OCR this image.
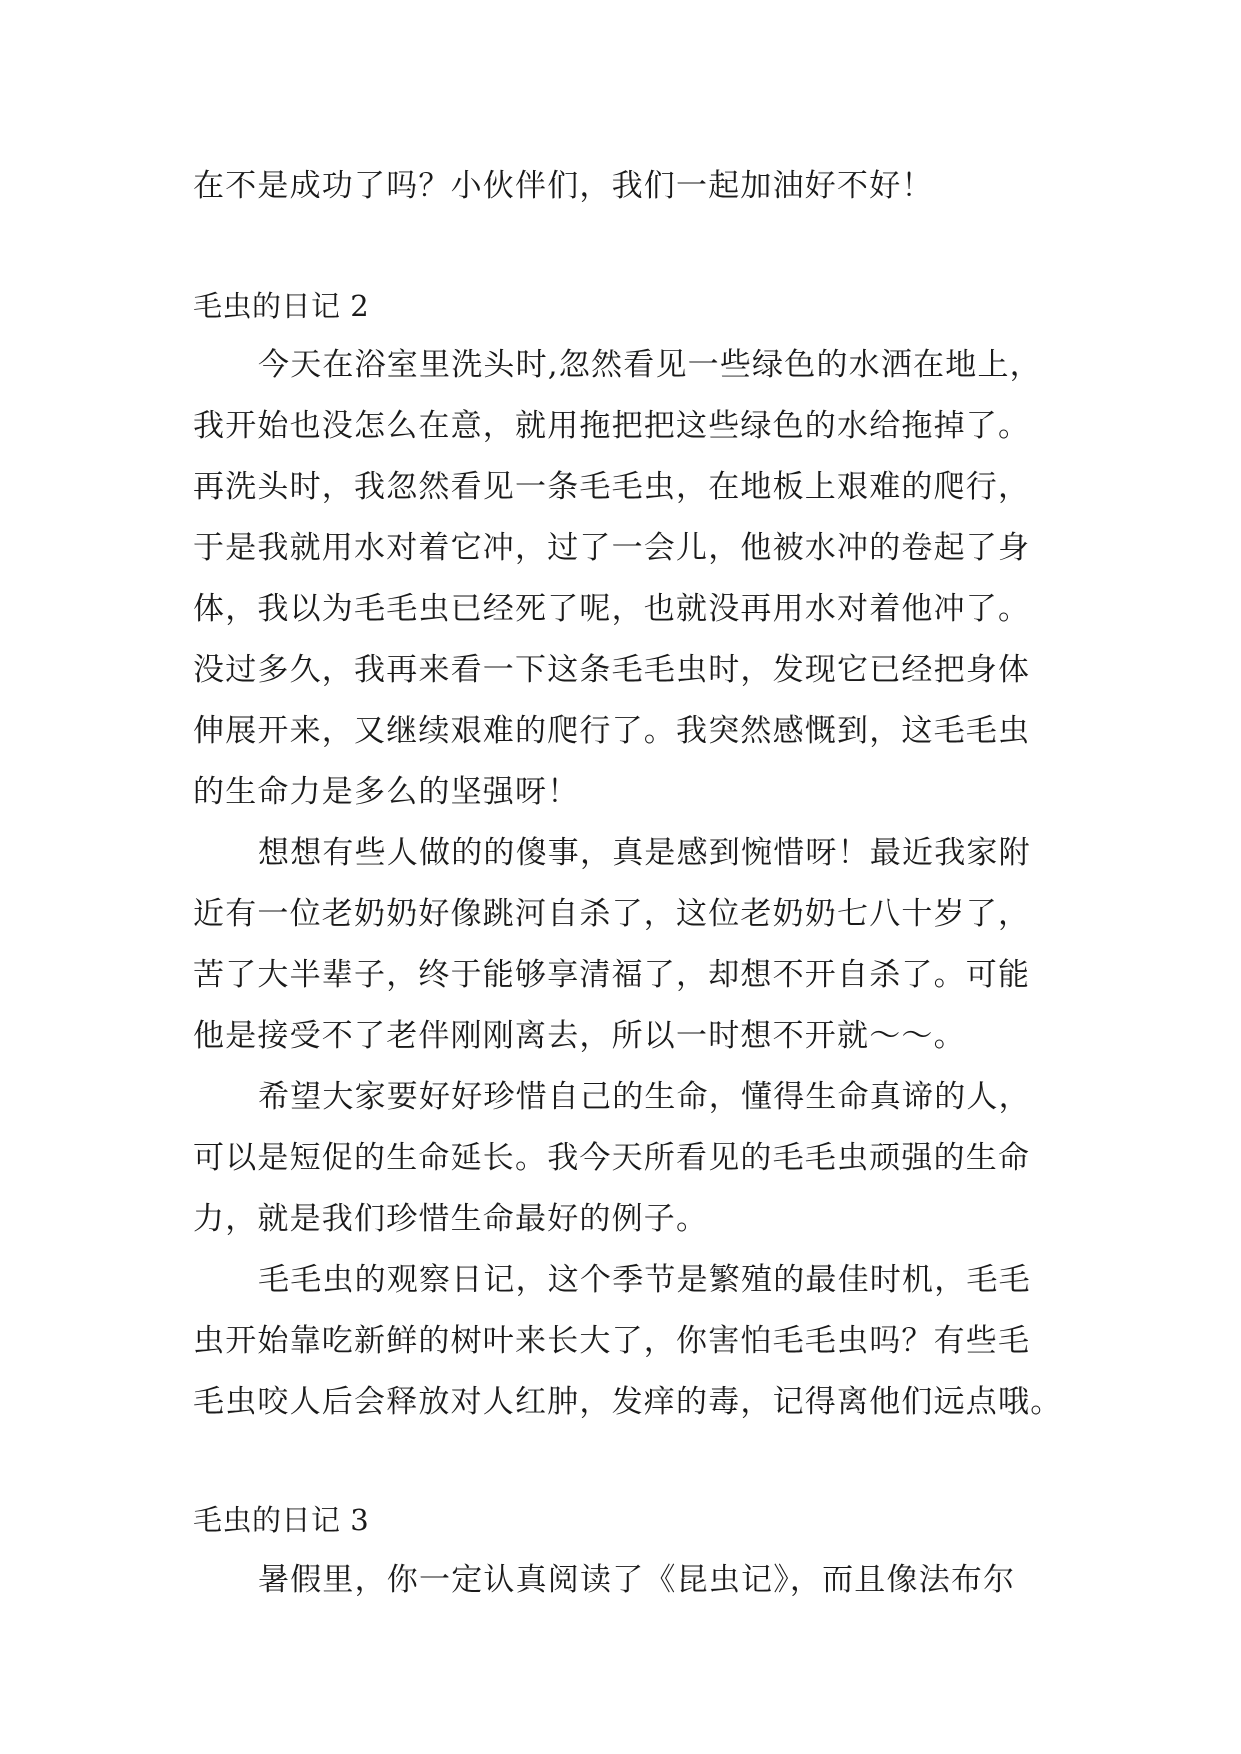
在不是成功了吗？小伙伴们，我们一起加油好不好！
毛虫的日记 2
今天在浴室里洗头时,忽然看见一些绿色的水洒在地上，
我开始也没怎么在意，就用拖把把这些绿色的水给拖掉了。
再洗头时，我忽然看见一条毛毛虫，在地板上艰难的爬行，
于是我就用水对着它冲，过了一会儿，他被水冲的卷起了身
体，我以为毛毛虫已经死了呢，也就没再用水对着他冲了。
没过多久，我再来看一下这条毛毛虫时，发现它已经把身体
伸展开来，又继续艰难的爬行了。我突然感慨到，这毛毛虫
的生命力是多么的坚强呀！
想想有些人做的的傻事，真是感到惋惜呀！最近我家附
近有一位老奶奶好像跳河自杀了，这位老奶奶七八十岁了，
苦了大半辈子，终于能够享清福了，却想不开自杀了。可能
他是接受不了老伴刚刚离去，所以一时想不开就～～。
希望大家要好好珍惜自己的生命，懂得生命真谛的人，
可以是短促的生命延长。我今天所看见的毛毛虫顽强的生命
力，就是我们珍惜生命最好的例子。
毛毛虫的观察日记，这个季节是繁殖的最佳时机，毛毛
虫开始靠吃新鲜的树叶来长大了，你害怕毛毛虫吗？有些毛
毛虫咬人后会释放对人红肿，发痒的毒，记得离他们远点哦。
毛虫的日记 3
暑假里，你一定认真阅读了《昆虫记》，而且像法布尔
